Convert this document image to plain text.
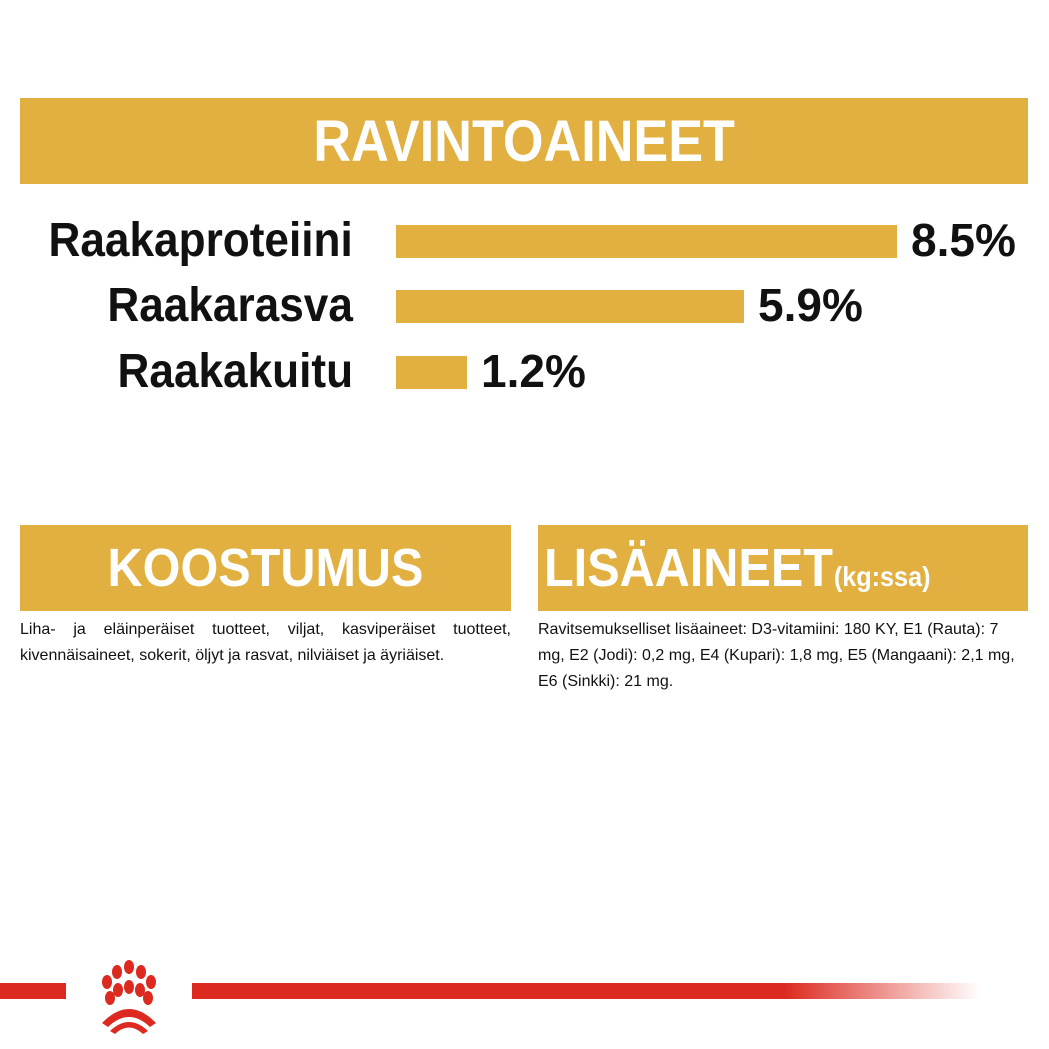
RAVINTOAINEET
Raakaproteiini	8.5%
Raakarasva	5.9%
Raakakuitu	1.2%
KOOSTUMUS
Liha- ja eläinperäiset tuotteet, viljat, kasviperäiset tuotteet, kivennäisaineet, sokerit, öljyt ja rasvat, nilviäiset ja äyriäiset.
LISÄAINEET (kg:ssa)
Ravitsemukselliset lisäaineet: D3-vitamiini: 180 KY, E1 (Rauta): 7 mg, E2 (Jodi): 0,2 mg, E4 (Kupari): 1,8 mg, E5 (Mangaani): 2,1 mg, E6 (Sinkki): 21 mg.
